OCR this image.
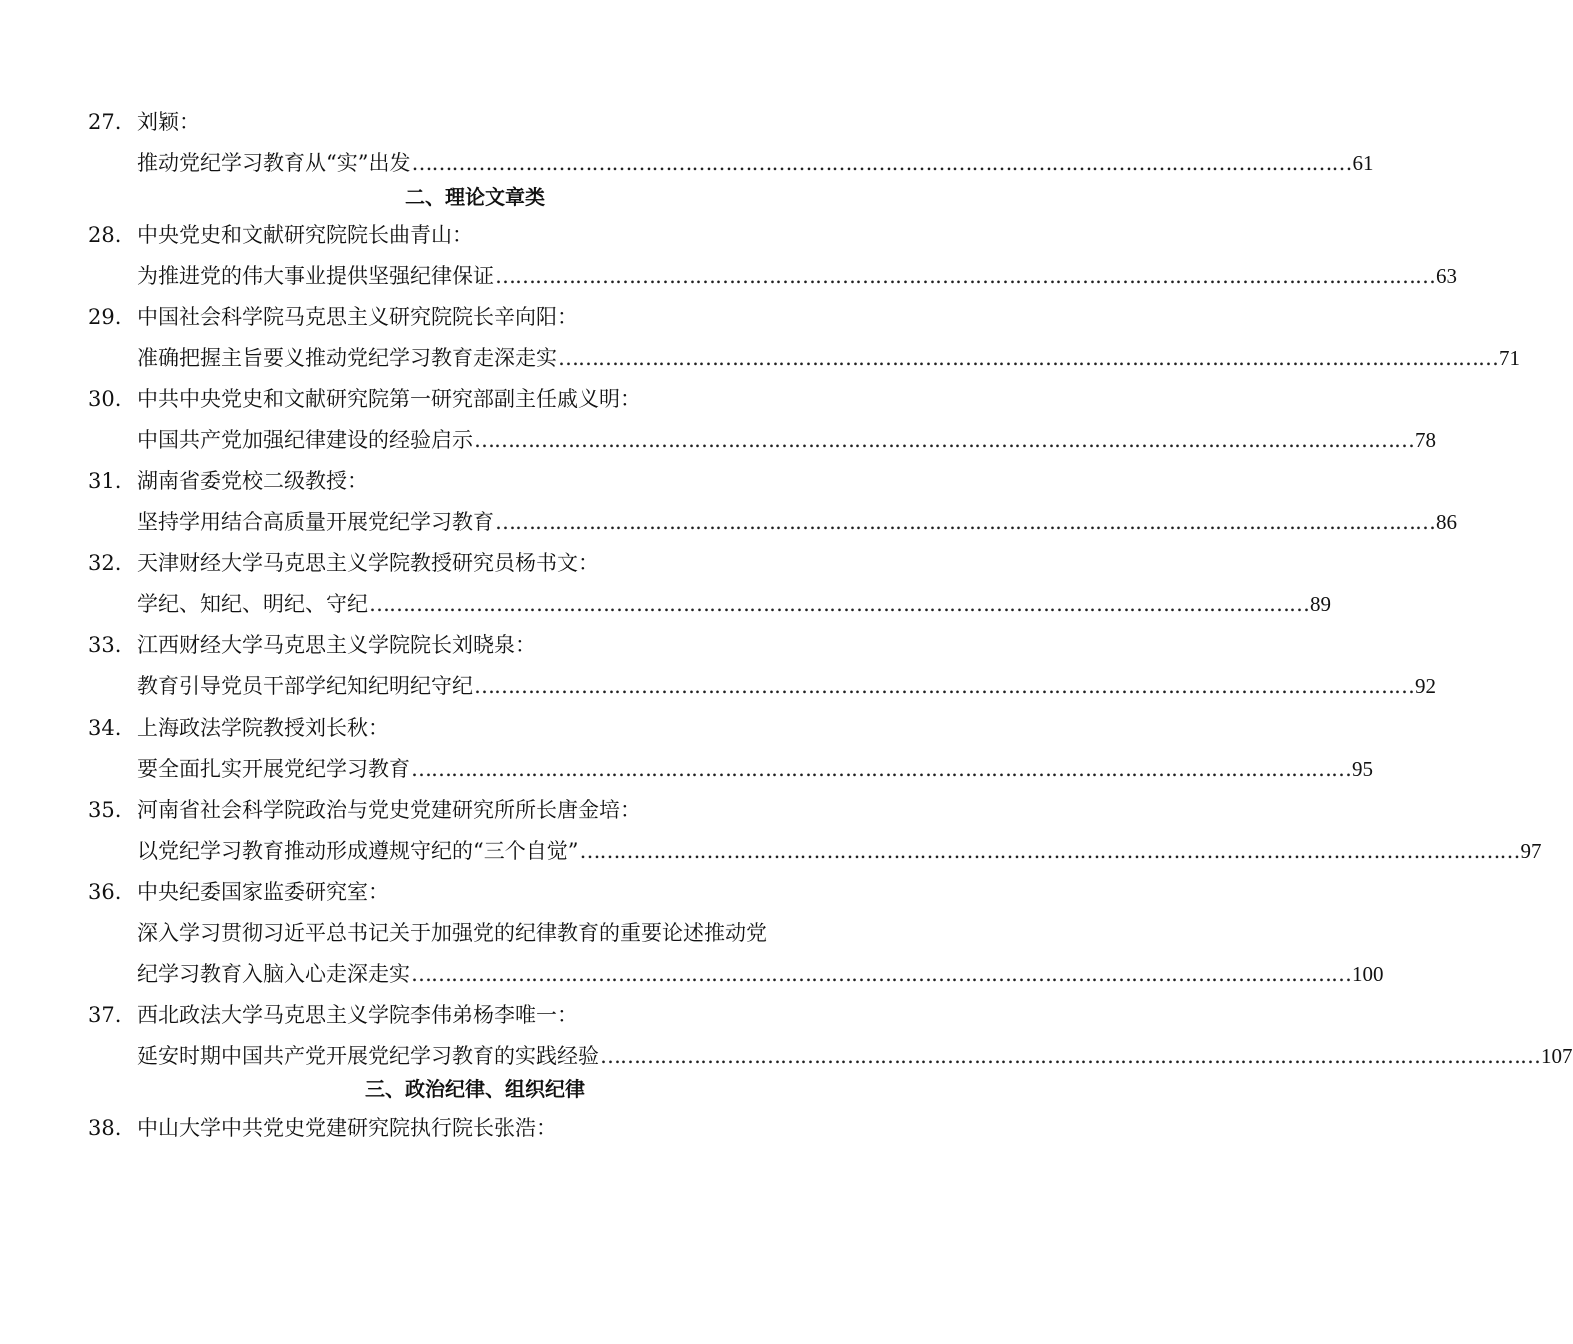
27. 刘颖：
推动党纪学习教育从“实”出发 …………………………………………………………………………………………………………………………… 61
二、理论文章类
28. 中央党史和文献研究院院长曲青山：
为推进党的伟大事业提供坚强纪律保证 …………………………………………………………………………………………………………………………… 63
29. 中国社会科学院马克思主义研究院院长辛向阳：
准确把握主旨要义推动党纪学习教育走深走实 …………………………………………………………………………………………………………………………… 71
30. 中共中央党史和文献研究院第一研究部副主任戚义明：
中国共产党加强纪律建设的经验启示 …………………………………………………………………………………………………………………………… 78
31. 湖南省委党校二级教授：
坚持学用结合高质量开展党纪学习教育 …………………………………………………………………………………………………………………………… 86
32. 天津财经大学马克思主义学院教授研究员杨书文：
学纪、知纪、明纪、守纪 …………………………………………………………………………………………………………………………… 89
33. 江西财经大学马克思主义学院院长刘晓泉：
教育引导党员干部学纪知纪明纪守纪 …………………………………………………………………………………………………………………………… 92
34. 上海政法学院教授刘长秋：
要全面扎实开展党纪学习教育 …………………………………………………………………………………………………………………………… 95
35. 河南省社会科学院政治与党史党建研究所所长唐金培：
以党纪学习教育推动形成遵规守纪的“三个自觉” …………………………………………………………………………………………………………………………… 97
36. 中央纪委国家监委研究室：
深入学习贯彻习近平总书记关于加强党的纪律教育的重要论述推动党
纪学习教育入脑入心走深走实 …………………………………………………………………………………………………………………………… 100
37. 西北政法大学马克思主义学院李伟弟杨李唯一：
延安时期中国共产党开展党纪学习教育的实践经验 …………………………………………………………………………………………………………………………… 107
三、政治纪律、组织纪律
38. 中山大学中共党史党建研究院执行院长张浩：
